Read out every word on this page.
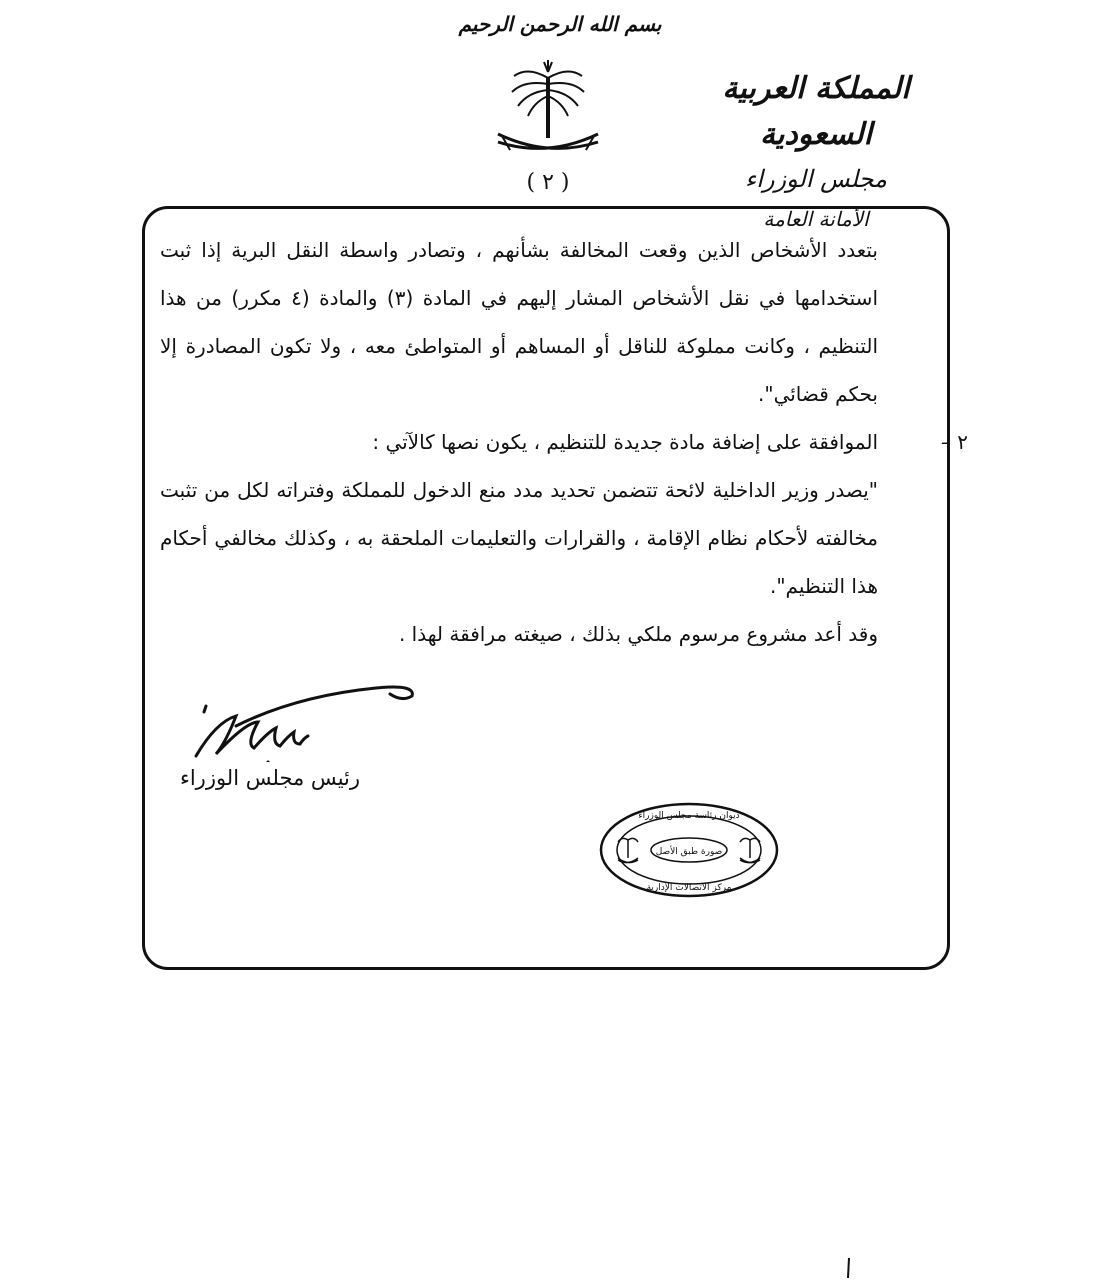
بسم الله الرحمن الرحيم
( ٢ )
المملكة العربية السعودية
مجلس الوزراء
الأمانة العامة

بتعدد الأشخاص الذين وقعت المخالفة بشأنهم ، وتصادر واسطة النقل البرية إذا ثبت استخدامها في نقل الأشخاص المشار إليهم في المادة (٣) والمادة (٤ مكرر) من هذا التنظيم ، وكانت مملوكة للناقل أو المساهم أو المتواطئ معه ، ولا تكون المصادرة إلا بحكم قضائي".

٢ –
الموافقة على إضافة مادة جديدة للتنظيم ، يكون نصها كالآتي :

"يصدر وزير الداخلية لائحة تتضمن تحديد مدد منع الدخول للمملكة وفتراته لكل من تثبت مخالفته لأحكام نظام الإقامة ، والقرارات والتعليمات الملحقة به ، وكذلك مخالفي أحكام هذا التنظيم".

وقد أعد مشروع مرسوم ملكي بذلك ، صيغته مرافقة لهذا .

رئيس مجلس الوزراء
ديوان رئاسة مجلس الوزراء
صورة طبق الأصل
مركز الاتصالات الإدارية
